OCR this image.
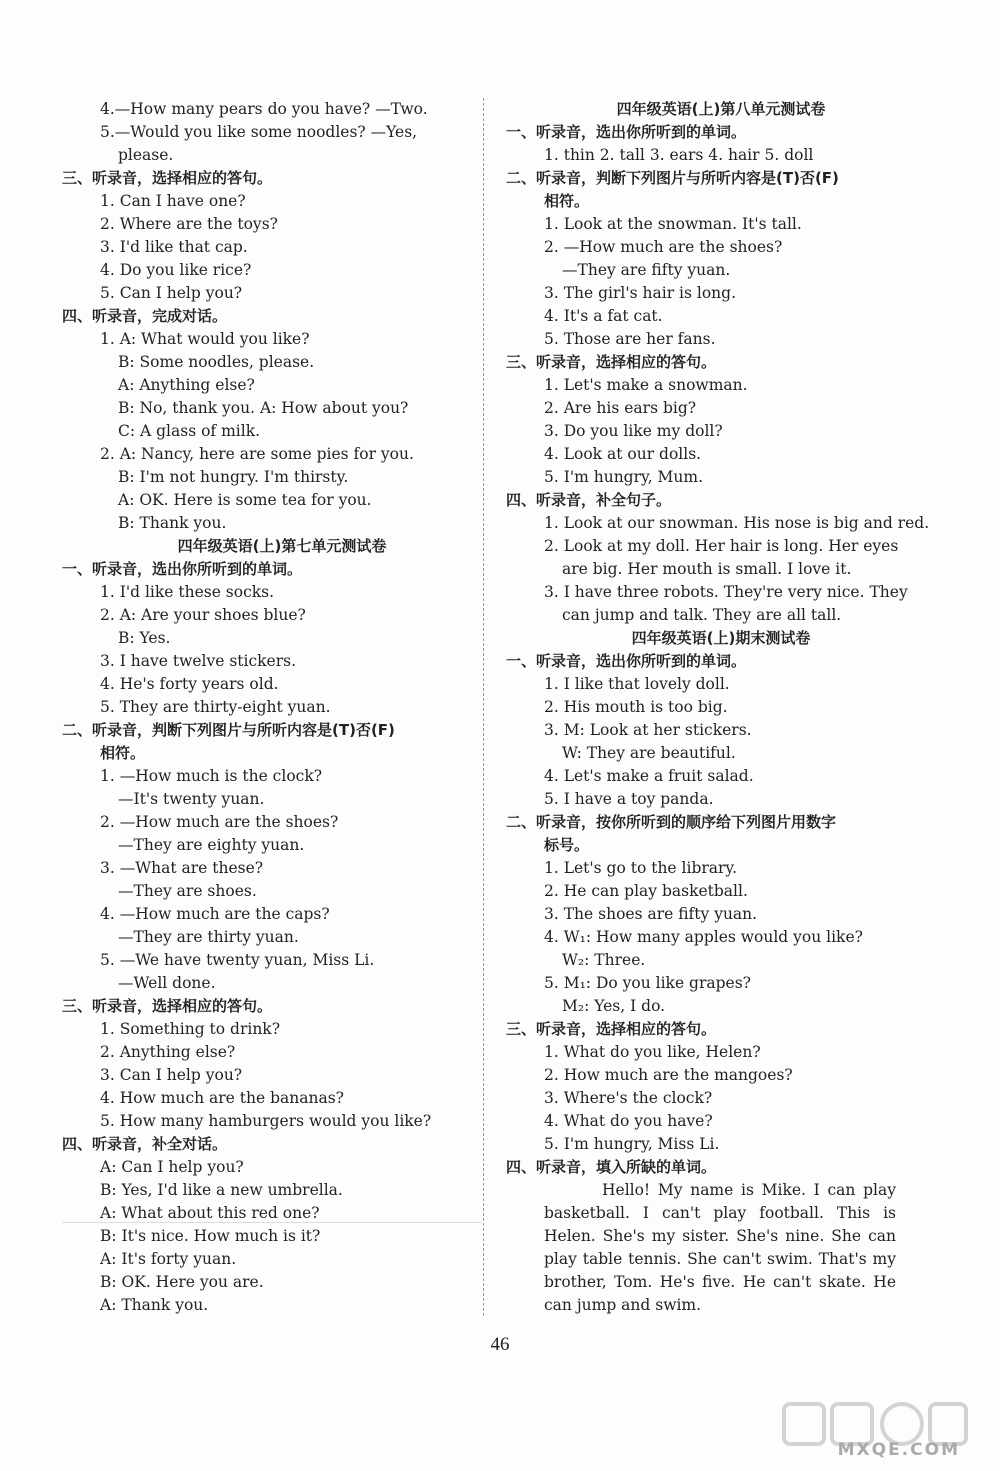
4.—How many pears do you have? —Two.
5.—Would you like some noodles? —Yes,
please.
三、听录音，选择相应的答句。
1. Can I have one?
2. Where are the toys?
3. I'd like that cap.
4. Do you like rice?
5. Can I help you?
四、听录音，完成对话。
1. A: What would you like?
B: Some noodles, please.
A: Anything else?
B: No, thank you. A: How about you?
C: A glass of milk.
2. A: Nancy, here are some pies for you.
B: I'm not hungry. I'm thirsty.
A: OK. Here is some tea for you.
B: Thank you.
四年级英语(上)第七单元测试卷
一、听录音，选出你所听到的单词。
1. I'd like these socks.
2. A: Are your shoes blue?
B: Yes.
3. I have twelve stickers.
4. He's forty years old.
5. They are thirty-eight yuan.
二、听录音，判断下列图片与所听内容是(T)否(F)
相符。
1. —How much is the clock?
—It's twenty yuan.
2. —How much are the shoes?
—They are eighty yuan.
3. —What are these?
—They are shoes.
4. —How much are the caps?
—They are thirty yuan.
5. —We have twenty yuan, Miss Li.
—Well done.
三、听录音，选择相应的答句。
1. Something to drink?
2. Anything else?
3. Can I help you?
4. How much are the bananas?
5. How many hamburgers would you like?
四、听录音，补全对话。
A: Can I help you?
B: Yes, I'd like a new umbrella.
A: What about this red one?
B: It's nice. How much is it?
A: It's forty yuan.
B: OK. Here you are.
A: Thank you.
四年级英语(上)第八单元测试卷
一、听录音，选出你所听到的单词。
1. thin 2. tall 3. ears 4. hair 5. doll
二、听录音，判断下列图片与所听内容是(T)否(F)
相符。
1. Look at the snowman. It's tall.
2. —How much are the shoes?
—They are fifty yuan.
3. The girl's hair is long.
4. It's a fat cat.
5. Those are her fans.
三、听录音，选择相应的答句。
1. Let's make a snowman.
2. Are his ears big?
3. Do you like my doll?
4. Look at our dolls.
5. I'm hungry, Mum.
四、听录音，补全句子。
1. Look at our snowman. His nose is big and red.
2. Look at my doll. Her hair is long. Her eyes
are big. Her mouth is small. I love it.
3. I have three robots. They're very nice. They
can jump and talk. They are all tall.
四年级英语(上)期末测试卷
一、听录音，选出你所听到的单词。
1. I like that lovely doll.
2. His mouth is too big.
3. M: Look at her stickers.
W: They are beautiful.
4. Let's make a fruit salad.
5. I have a toy panda.
二、听录音，按你所听到的顺序给下列图片用数字
标号。
1. Let's go to the library.
2. He can play basketball.
3. The shoes are fifty yuan.
4. W₁: How many apples would you like?
W₂: Three.
5. M₁: Do you like grapes?
M₂: Yes, I do.
三、听录音，选择相应的答句。
1. What do you like, Helen?
2. How much are the mangoes?
3. Where's the clock?
4. What do you have?
5. I'm hungry, Miss Li.
四、听录音，填入所缺的单词。
Hello! My name is Mike. I can play basketball. I can't play football. This is Helen. She's my sister. She's nine. She can play table tennis. She can't swim. That's my brother, Tom. He's five. He can't skate. He can jump and swim.
46
MXQE.COM
